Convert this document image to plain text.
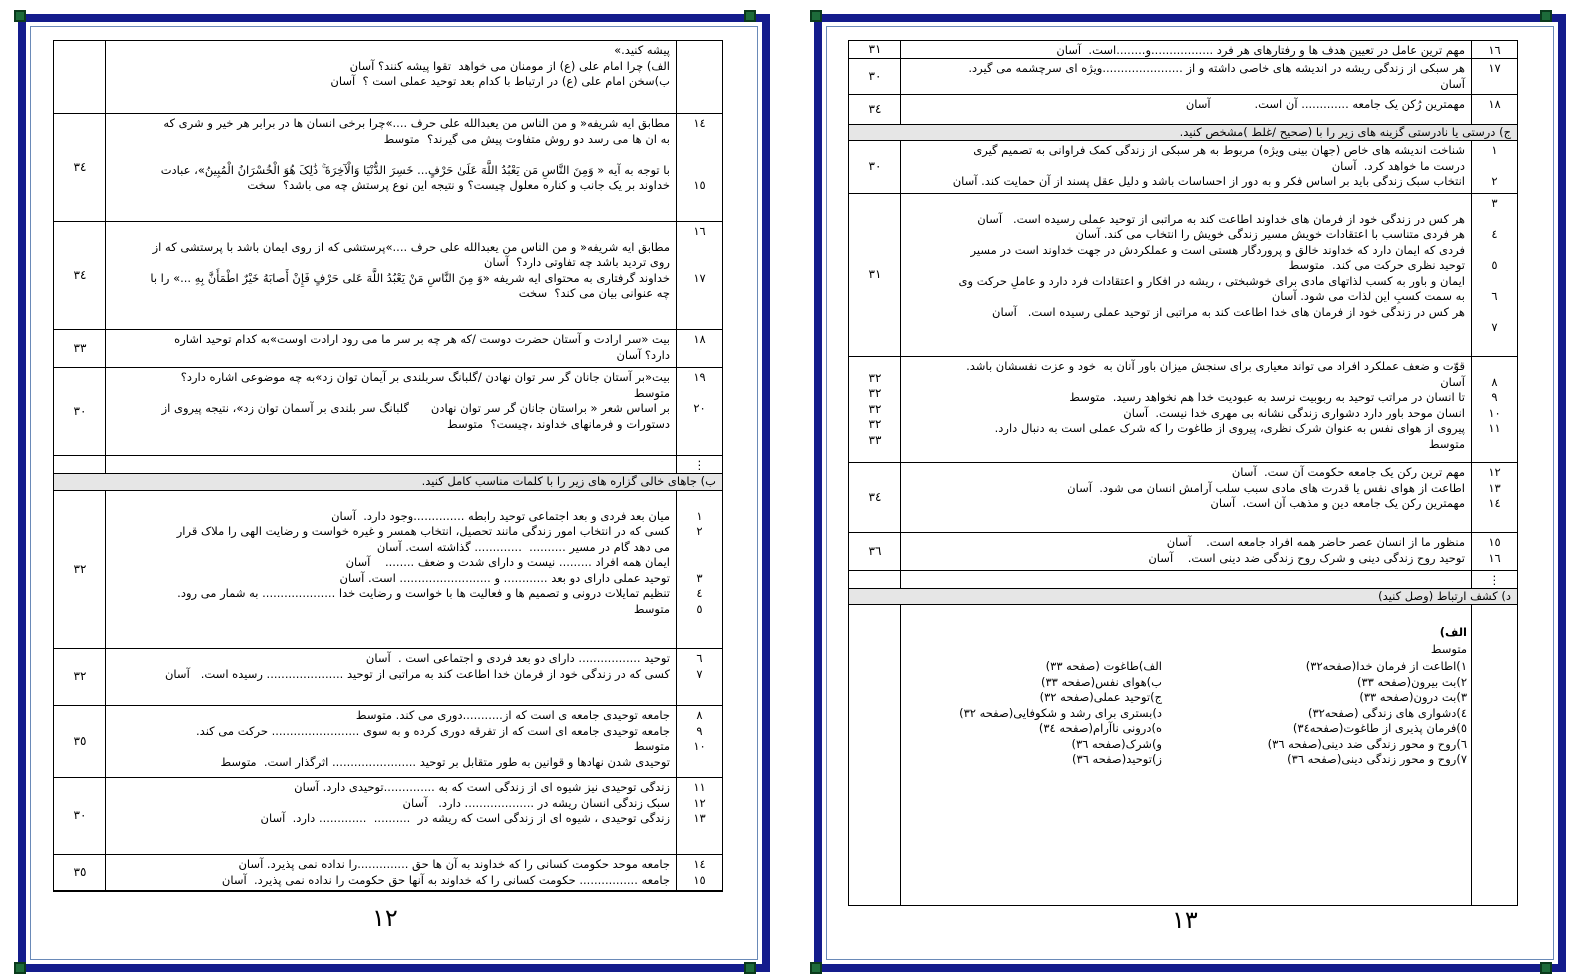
پیشه کنید.»
الف) چرا امام علی (ع) از مومنان می خواهد  تقوا پیشه کنند؟ آسان
ب)سخن امام علی (ع) در ارتباط با کدام بعد توحید عملی است ؟  آسان
۳٤
۱٤

۱٥
مطابق ایه شریفه« و من الناس من یعبدالله علی حرف ....»چرا برخی انسان ها در برابر هر خیر و شری که
به ان ها می رسد دو روش متفاوت پیش می گیرند؟  متوسط
با توجه به آیه « وَمِنَ النَّاسِ مَن یَعْبُدُ اللَّهَ عَلَىٰ حَرْفٍ... خَسِرَ الدُّنْیَا وَالْآخِرَةَ ۚ ذَٰلِکَ هُوَ الْخُسْرَانُ الْمُبِینُ»، عبادت
خداوند بر یک جانب و کناره معلول چیست؟ و نتیجه این نوع پرستش چه می باشد؟  سخت
۳٤
۱٦

۱۷
مطابق ایه شریفه« و من الناس من یعبدالله علی حرف ....»پرستشی که از روی ایمان باشد با پرستشی که از
روی تردید باشد چه تفاوتی دارد؟  آسان
خداوند گرفتاری به محتوای ایه شریفه «وَ مِنَ النَّاسِ مَنْ یَعْبُدُ اللَّهَ عَلى‏ حَرْفٍ فَإِنْ أَصابَهُ خَیْرٌ اطْمَأَنَّ بِهِ ...» را با
چه عنوانی بیان می کند؟  سخت
۳۳
۱۸
بیت «سر ارادت و آستان حضرت دوست /که هر چه بر سر ما می رود ارادت اوست»به کدام توحید اشاره
دارد؟ آسان
۳۰
۱۹

۲۰
بیت«بر آستان جانان گر سر توان نهادن /گلبانگ سربلندی بر آیمان توان زد»به چه موضوعی اشاره دارد؟
متوسط
بر اساس شعر « براستان جانان گر سر توان نهادن      گلبانگ سر بلندی بر آسمان توان زد»، نتیجه پیروی از
دستورات و فرمانهای خداوند ،چیست؟  متوسط
⋮
ب) جاهای خالی گزاره های زیر را با کلمات مناسب کامل کنید.
۳۲

۱
۲

۳
٤
٥
میان بعد فردی و بعد اجتماعی توحید رابطه ..............وجود دارد.  آسان
کسی که در انتخاب امور زندگی مانند تحصیل، انتخاب همسر و غیره خواست و رضایت الهی را ملاک قرار
می دهد گام در مسیر ..........  ............. گذاشته است. آسان
ایمان همه افراد ......... نیست و دارای شدت و ضعف ........    آسان
توحید عملی دارای دو بعد ............ و ......................... است. آسان
تنظیم تمایلات درونی و تصمیم ها و فعالیت ها با خواست و رضایت خدا .................... به شمار می رود.
متوسط
۳۲
٦
۷
توحید ................. دارای دو بعد فردی و اجتماعی است .  آسان
کسی که در زندگی خود از فرمان خدا اطاعت کند به مراتبی از توحید ..................... رسیده است.   آسان
۳٥
۸
۹
۱۰
جامعه توحیدی جامعه ی است که از...........دوری می کند. متوسط
جامعه توحیدی جامعه ای است که از تفرقه دوری کرده و به سوی ........................ حرکت می کند.
متوسط
توحیدی شدن نهادها و قوانین به طور متقابل بر توحید ....................... اثرگذار است.  متوسط
۳۰
۱۱
۱۲
۱۳
زندگی توحیدی نیز شیوه ای از زندگی است که به ..............توحیدی دارد. آسان
سبک زندگی انسان ریشه در ................... دارد.   آسان
زندگی توحیدی ، شیوه ای از زندگی است که ریشه در  ..........  ............. دارد.  آسان
۳٥
۱٤
۱٥
جامعه موحد حکومت کسانی را که خداوند به آن ها حق ..............را نداده نمی پذیرد. آسان
جامعه ................ حکومت کسانی را که خداوند به آنها حق حکومت را نداده نمی پذیرد.  آسان
۱۲
۳۱	۱٦
مهم ترین عامل در تعیین هدف ها و رفتارهای هر فرد .................و........است.  آسان
۳۰
۱۷
هر سبکی از زندگی ریشه در اندیشه های خاصی داشته و از ......................ویژه ای سرچشمه می گیرد.
آسان
۳٤	۱۸
مهمترین رُکن یک جامعه ............. آن است.            آسان
ج) درستی یا نادرستی گزینه های زیر را با (صحیح /غلط )مشخص کنید.
۳۰
۱

۲
شناخت اندیشه های خاص (جهان بینی ویژه) مربوط به هر سبکی از زندگی کمک فراوانی به تصمیم گیری
درست ما خواهد کرد.  آسان
انتخاب سبک زندگی باید بر اساس فکر و به دور از احساسات باشد و دلیل عقل پسند از آن حمایت کند. آسان
۳۱
۳

٤

٥

٦

۷
هر کس در زندگی خود از فرمان های خداوند اطاعت کند به مراتبی از توحید عملی رسیده است.   آسان
هر فردی متناسب با اعتقادات خویش مسیر زندگی خویش را انتخاب می کند. آسان
فردی که ایمان دارد که خداوند خالق و پروردگار هستی است و عملکردش در جهت خداوند است در مسیر
توحید نظری حرکت می کند.  متوسط
ایمان و باور به کسب لذاتهای مادی برای خوشبختی ، ریشه در افکار و اعتقادات فرد دارد و عاملِ حرکت وی
به سمت کسبِ این لذات می شود. آسان
هر کس در زندگی خود از فرمان های خدا اطاعت کند به مراتبی از توحید عملی رسیده است.   آسان
۳۲
۳۲
۳۲
۳۲
۳۳

۸
۹
۱۰
۱۱
قوّت و ضعف عملکرد افراد می تواند معیاری برای سنجش میزان باور آنان به  خود و عزت نفسشان باشد.
آسان
تا انسان در مراتب توحید به ربوبیت نرسد به عبودیت خدا هم نخواهد رسید.  متوسط
انسان موحد باور دارد دشواری زندگی نشانه بی مهری خدا نیست.  آسان
پیروی از هوای نفس به عنوان شرک نظری، پیروی از طاغوت را که شرک عملی است به دنبال دارد.
متوسط
۳٤
۱۲
۱۳
۱٤
مهم ترین رکن یک جامعه حکومت آن ست.  آسان
اطاعت از هوای نفس یا قدرت های مادی سبب سلب آرامش انسان می شود.  آسان
مهمترین رکن یک جامعه دین و مذهب آن است.  آسان
۳٦
۱٥
۱٦
منظور ما از انسان عصر حاضر همه افراد جامعه است.    آسان
توحید روح زندگی دینی و شرک روح زندگی ضد دینی است.    آسان
⋮
د) کشف ارتباط (وصل کنید)
الف)
متوسط
۱)اطاعت از فرمان خدا(صفحه۳۲)
۲)بت بیرون(صفحه ۳۳)
۳)بت درون(صفحه ۳۳)
٤)دشواری های زندگی (صفحه۳۲)
٥)فرمان پذیری از طاغوت(صفحه۳٤)
٦)روح و محور زندگی ضد دینی(صفحه ۳٦)
۷)روح و محور زندگی دینی(صفحه ۳٦)
الف)طاغوت (صفحه ۳۳)
ب)هوای نفس(صفحه ۳۳)
ج)توحید عملی(صفحه ۳۲)
د)بستری برای رشد و شکوفایی(صفحه ۳۲)
ه)درونی ناآرام(صفحه ۳٤)
و)شرک(صفحه ۳٦)
ز)توحید(صفحه ۳٦)
۱۳
